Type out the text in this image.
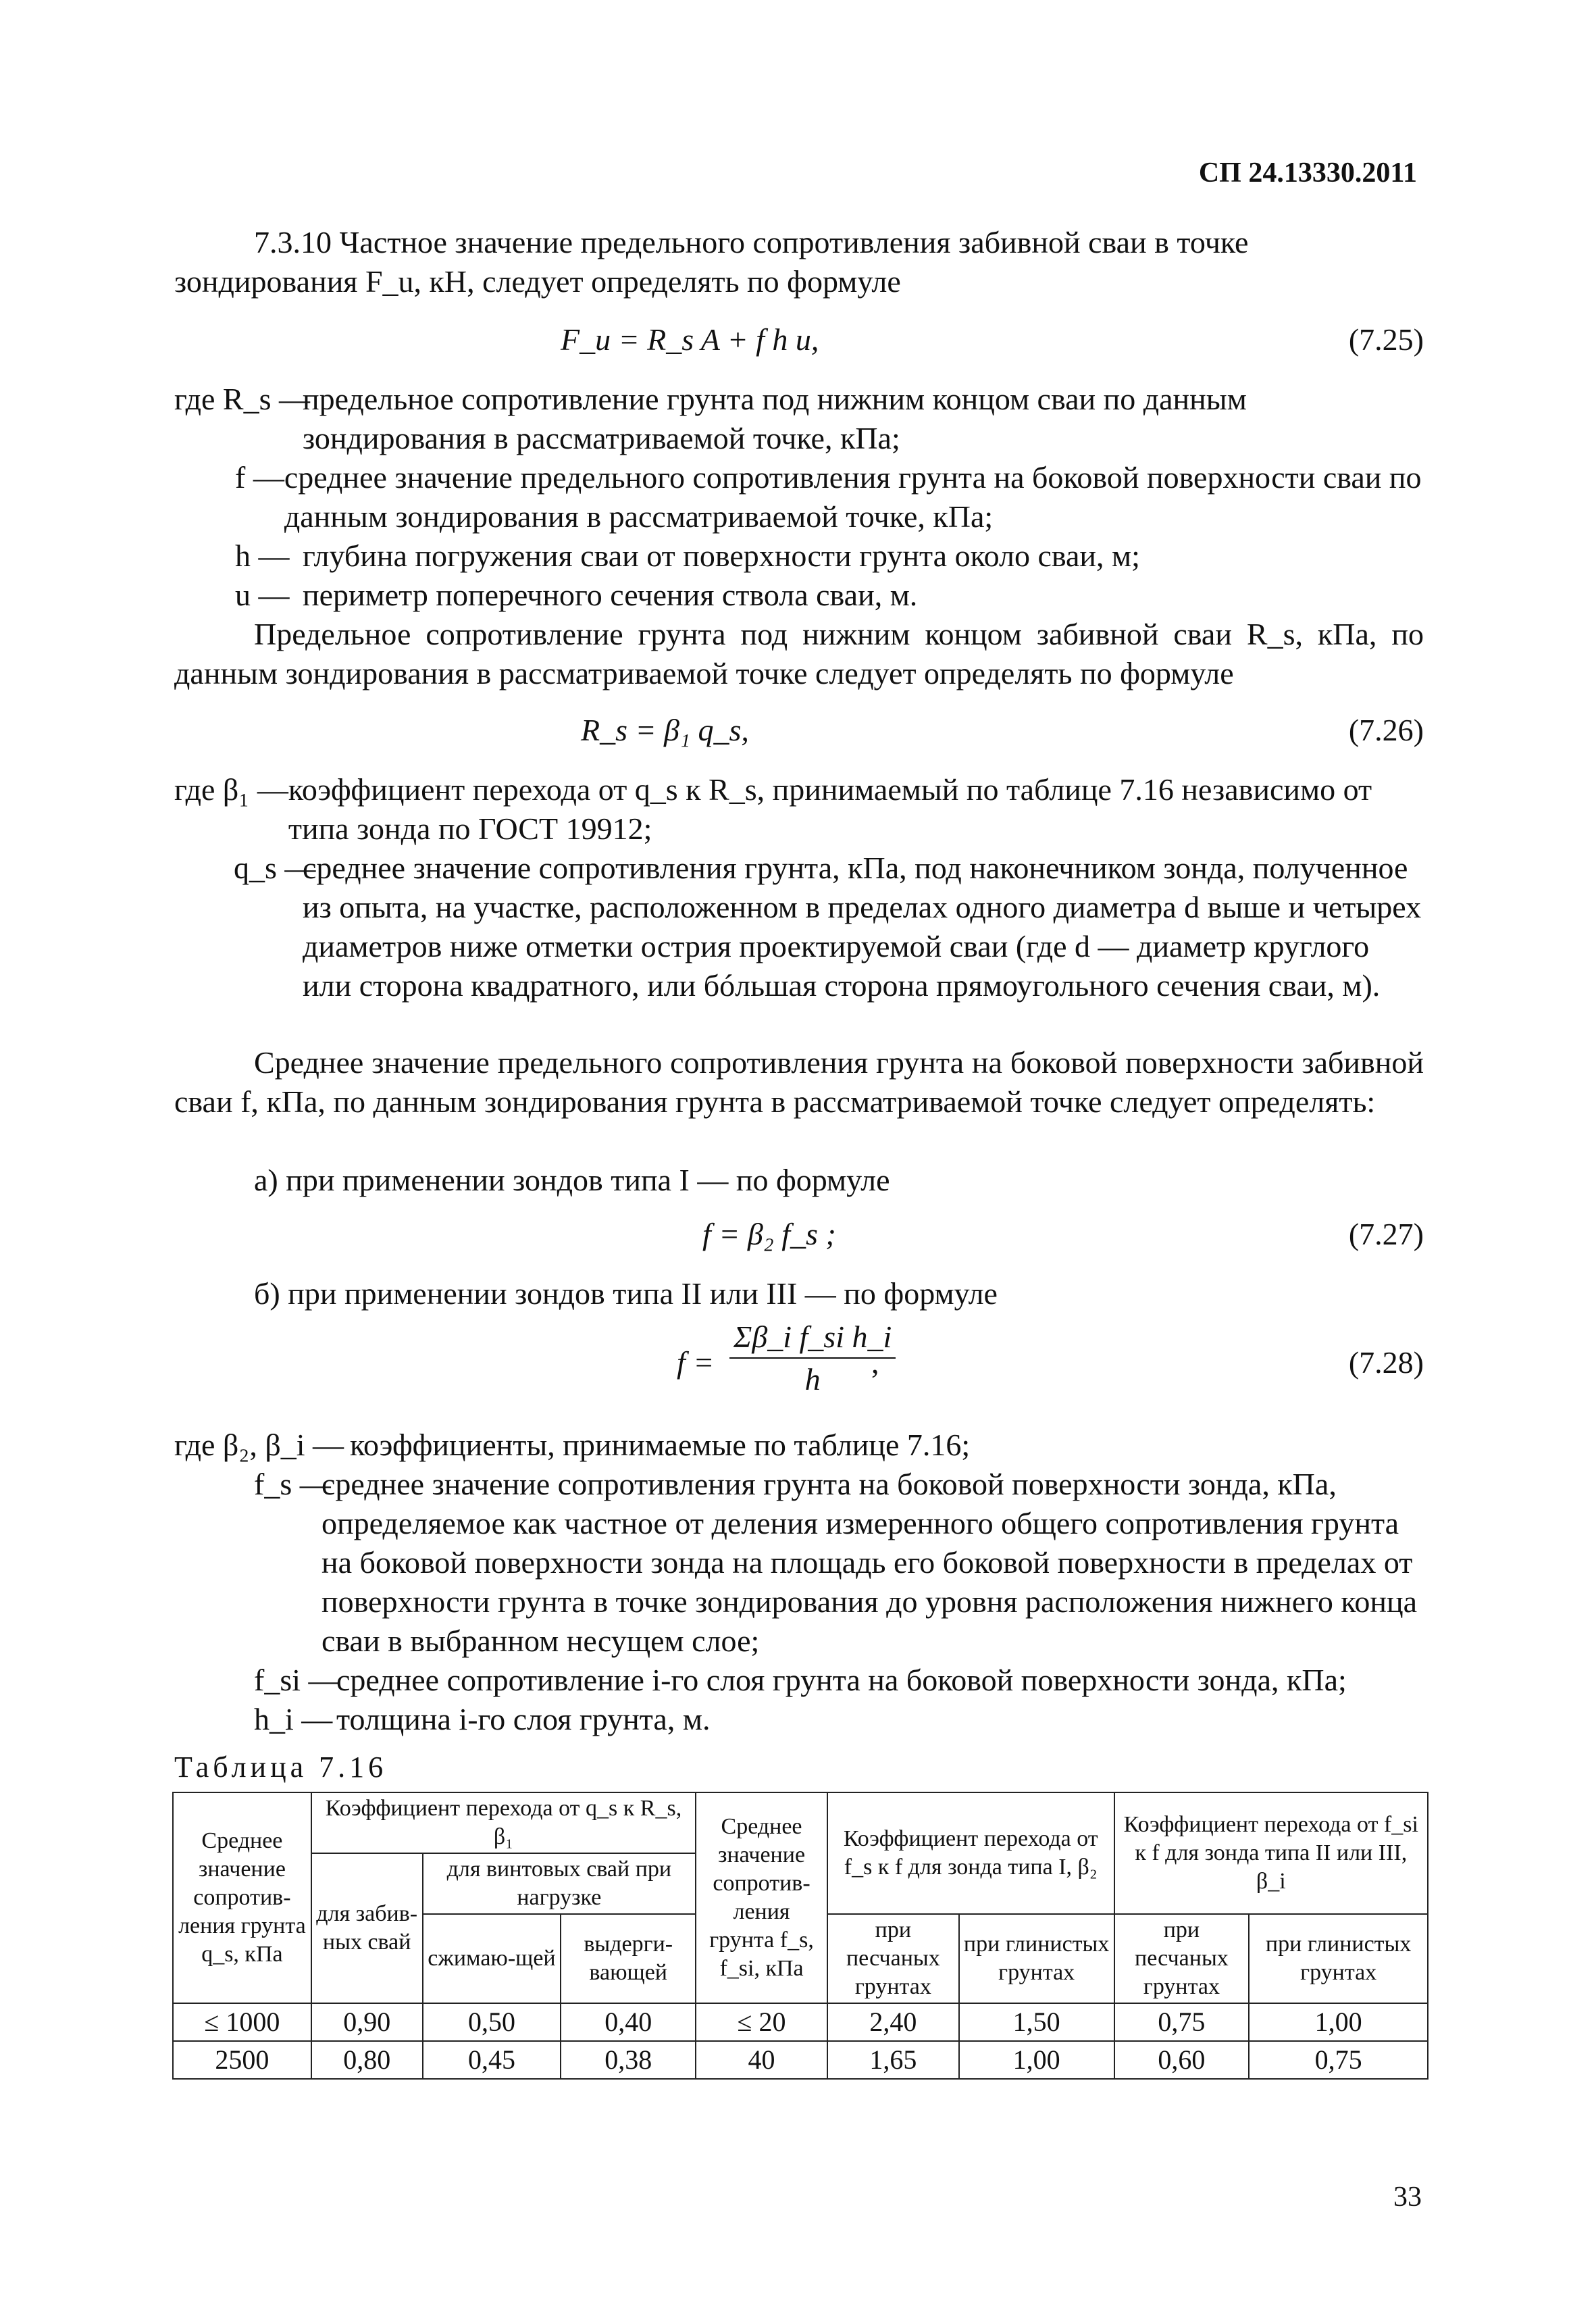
СП 24.13330.2011
7.3.10 Частное значение предельного сопротивления забивной сваи в точке
зондирования F_u, кН, следует определять по формуле
F_u = R_s A + f h u,	(7.25)
где R_s —
предельное сопротивление грунта под нижним концом сваи по данным зондирования в рассматриваемой точке, кПа;
f — среднее значение предельного сопротивления грунта на боковой поверхности сваи по данным зондирования в рассматриваемой точке, кПа;
h — глубина погружения сваи от поверхности грунта около сваи, м;
u — периметр поперечного сечения ствола сваи, м.
Предельное сопротивление грунта под нижним концом забивной сваи R_s, кПа, по данным зондирования в рассматриваемой точке следует определять по формуле
R_s = β₁ q_s,	(7.26)
где β₁ — коэффициент перехода от q_s к R_s, принимаемый по таблице 7.16 независимо от типа зонда по ГОСТ 19912;
q_s —
среднее значение сопротивления грунта, кПа, под наконечником зонда, полученное из опыта, на участке, расположенном в пределах одного диаметра d выше и четырех диаметров ниже отметки острия проектируемой сваи (где d — диаметр круглого или сторона квадратного, или бóльшая сторона прямоугольного сечения сваи, м).
Среднее значение предельного сопротивления грунта на боковой поверхности забивной сваи f, кПа, по данным зондирования грунта в рассматриваемой точке следует определять:
а) при применении зондов типа I — по формуле
f = β₂ f_s ;	(7.27)
б) при применении зондов типа II или III — по формуле
$f = \frac{\text{Σβ\_i f\_si h\_i}}{h}$
,	(7.28)
где β₂, β_i — коэффициенты, принимаемые по таблице 7.16;
f_s —
среднее значение сопротивления грунта на боковой поверхности зонда, кПа, определяемое как частное от деления измеренного общего сопротивления грунта на боковой поверхности зонда на площадь его боковой поверхности в пределах от поверхности грунта в точке зондирования до уровня расположения нижнего конца сваи в выбранном несущем слое;
f_si —
среднее сопротивление i-го слоя грунта на боковой поверхности зонда, кПа;
h_i — толщина i-го слоя грунта, м.
Таблица 7.16
Среднее значение сопротив-ления грунта q_s, кПа	Коэффициент перехода от q_s к R_s, β₁			Среднее значение сопротив-ления грунта f_s, f_si, кПа	Коэффициент перехода от f_s к f для зонда типа I, β₂		Коэффициент перехода от f_si к f для зонда типа II или III, β_i	
	для забив-ных свай	для винтовых свай при нагрузке						
		сжимаю-щей	выдерги-вающей		при песчаных грунтах	при глинистых грунтах	при песчаных грунтах	при глинистых грунтах
≤ 1000	0,90	0,50	0,40	≤ 20	2,40	1,50	0,75	1,00
2500	0,80	0,45	0,38	40	1,65	1,00	0,60	0,75
33
